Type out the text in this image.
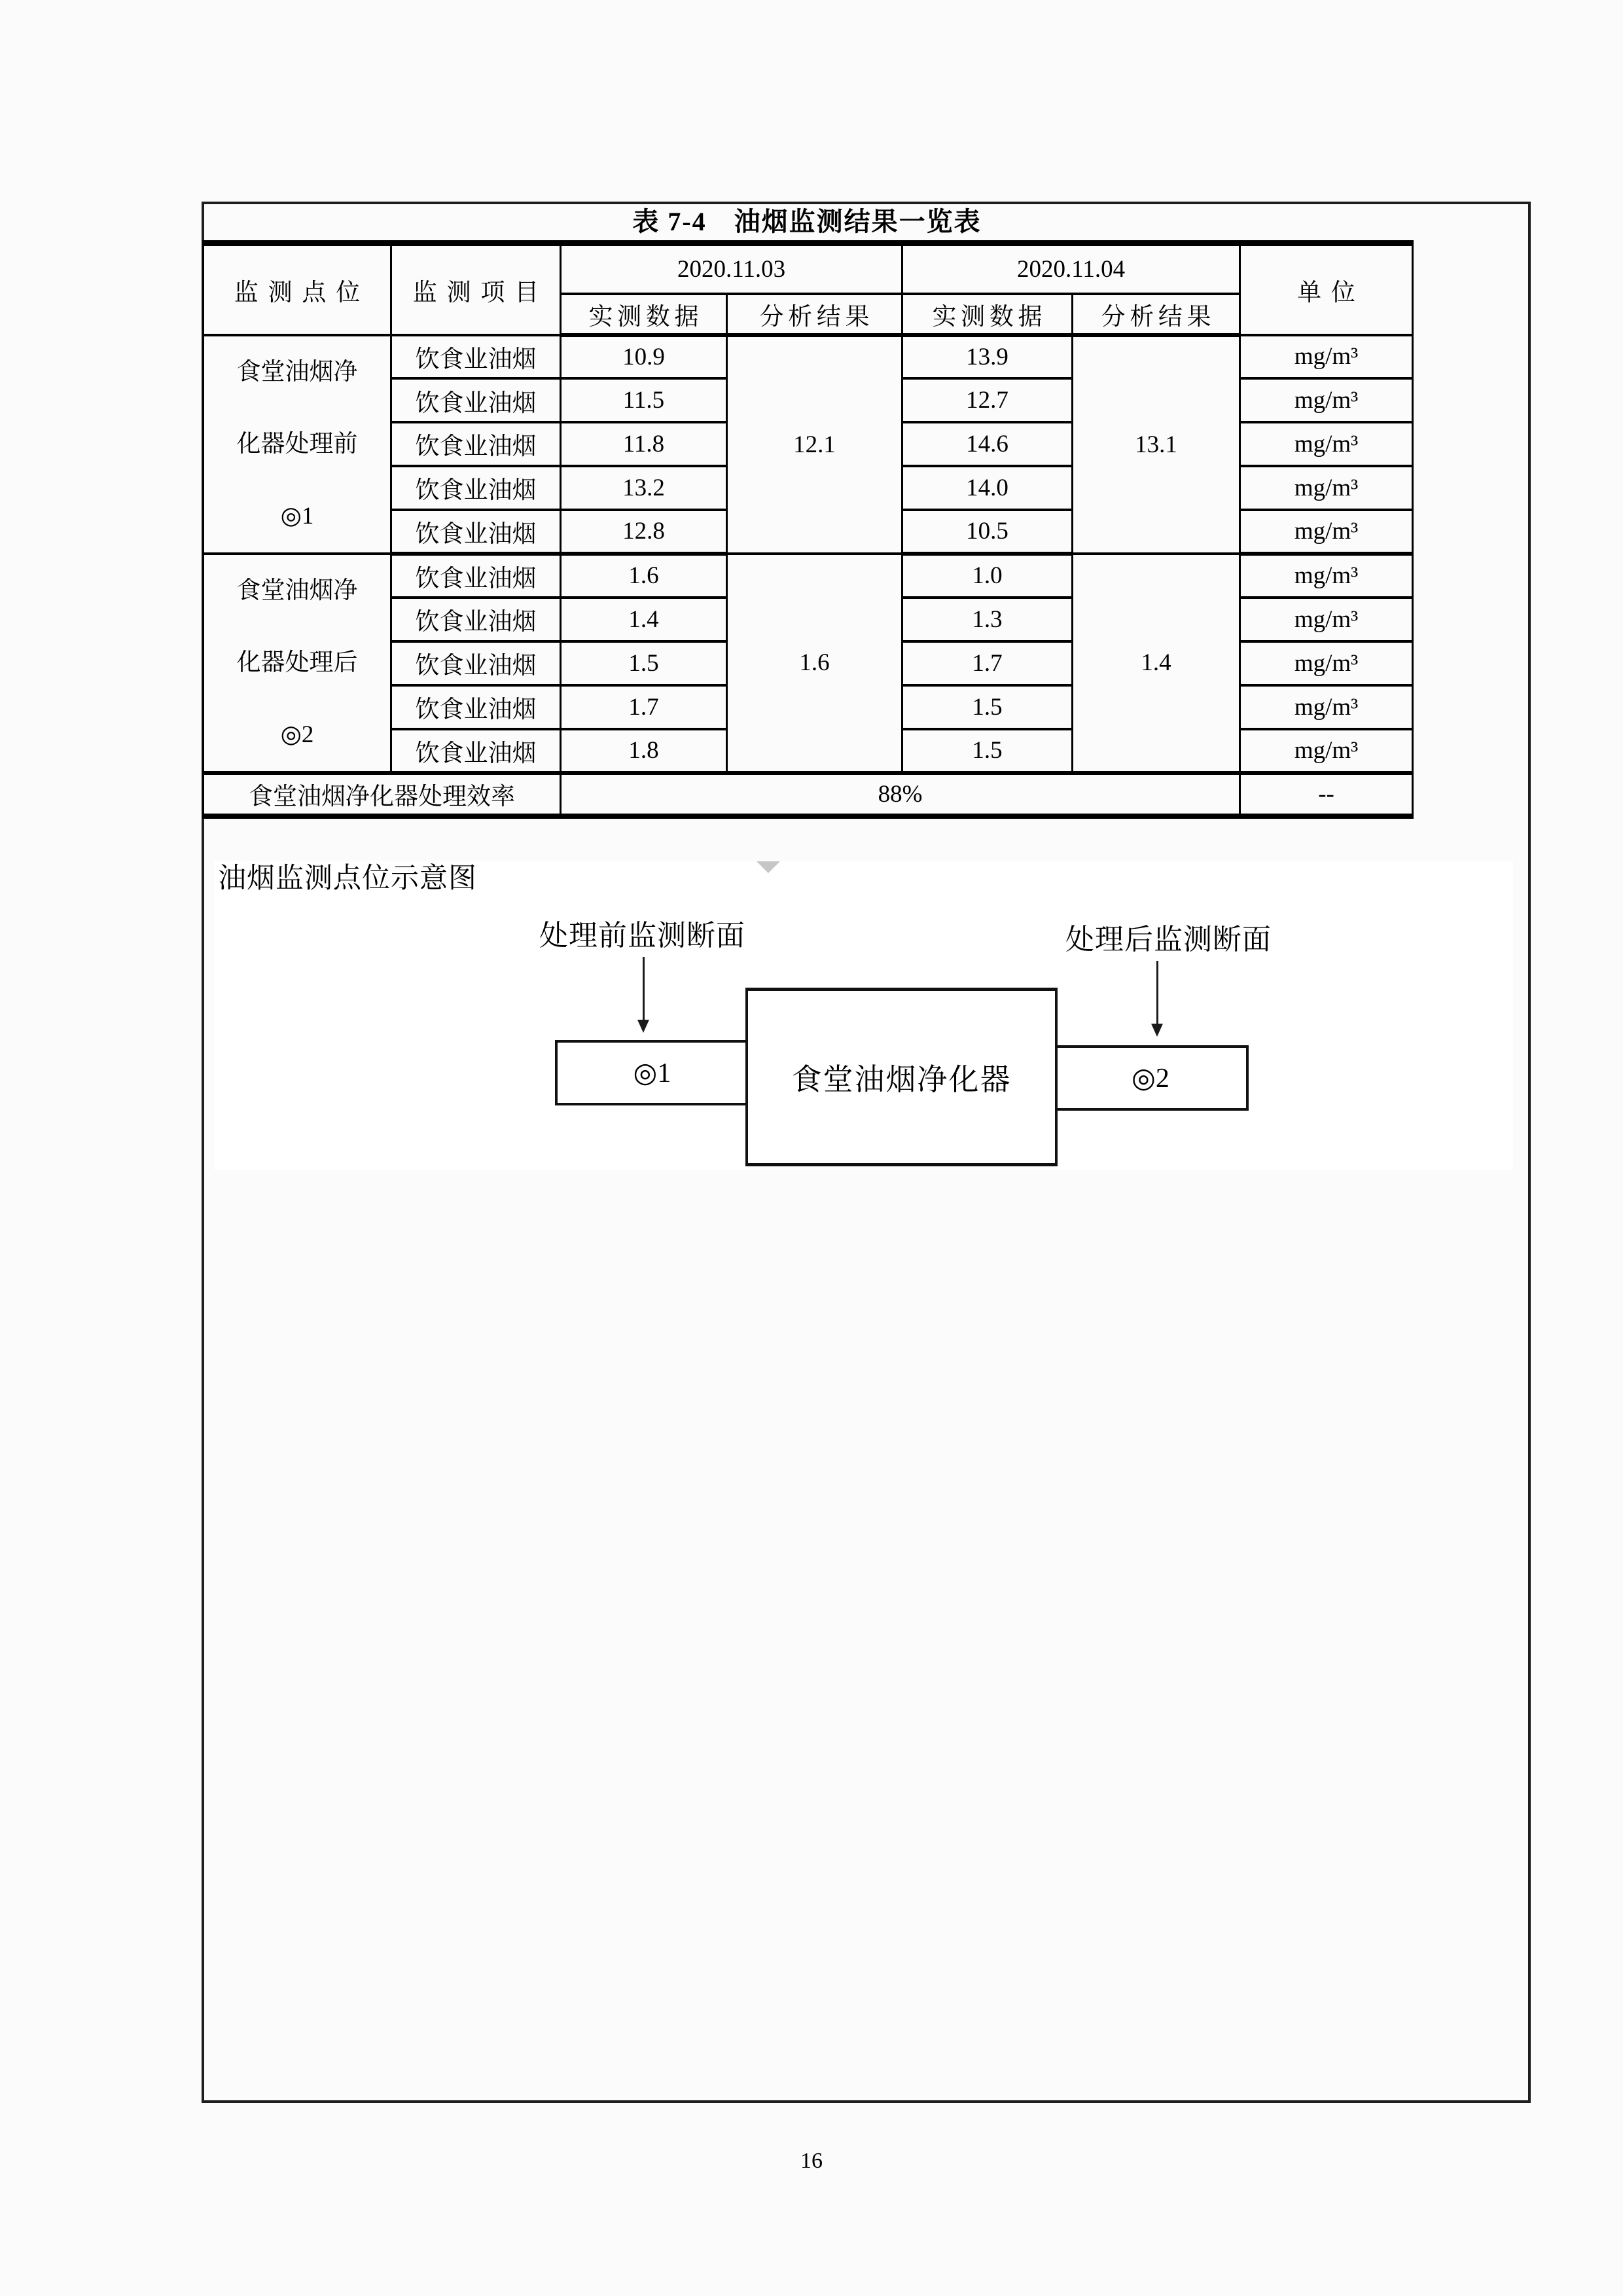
表 7-4　油烟监测结果一览表
监测点位	监测项目	2020.11.03		2020.11.04		单位
		实测数据	分析结果	实测数据	分析结果	

食堂油烟净
化器处理前
◎1	饮食业油烟	10.9	12.1	13.9	13.1	mg/m³
	饮食业油烟	11.5		12.7		mg/m³
	饮食业油烟	11.8		14.6		mg/m³
	饮食业油烟	13.2		14.0		mg/m³
	饮食业油烟	12.8		10.5		mg/m³

食堂油烟净
化器处理后
◎2	饮食业油烟	1.6	1.6	1.0	1.4	mg/m³
	饮食业油烟	1.4		1.3		mg/m³
	饮食业油烟	1.5		1.7		mg/m³
	饮食业油烟	1.7		1.5		mg/m³
	饮食业油烟	1.8		1.5		mg/m³
食堂油烟净化器处理效率		88%				--
油烟监测点位示意图
处理前监测断面	处理后监测断面
◎1	食堂油烟净化器	◎2
16
